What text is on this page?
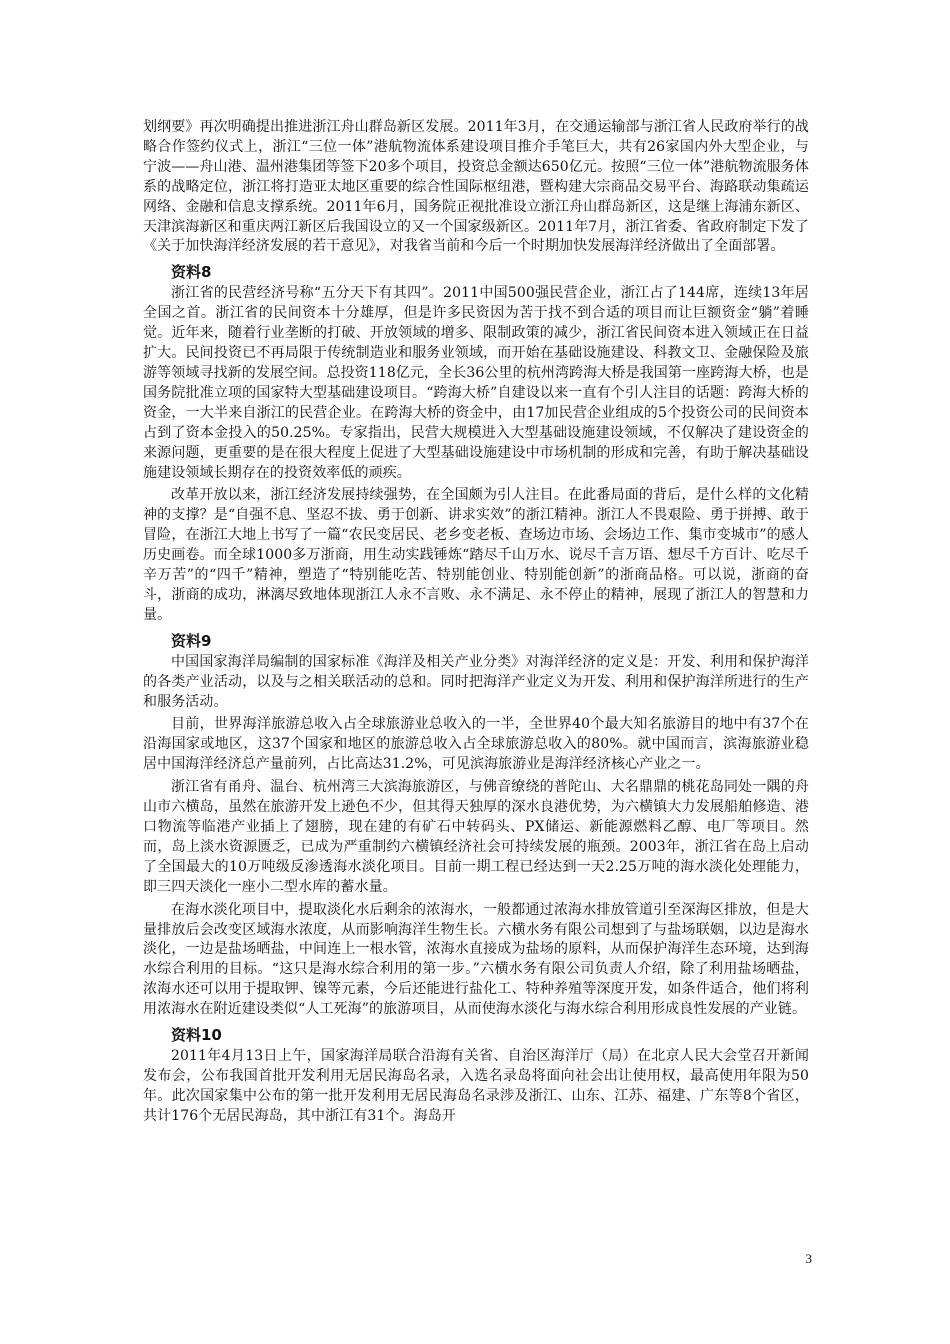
划纲要》再次明确提出推进浙江舟山群岛新区发展。2011年3月，在交通运输部与浙江省人民政府举行的战略合作签约仪式上，浙江“三位一体”港航物流体系建设项目推介手笔巨大，共有26家国内外大型企业，与宁波——舟山港、温州港集团等签下20多个项目，投资总金额达650亿元。按照“三位一体”港航物流服务体系的战略定位，浙江将打造亚太地区重要的综合性国际枢纽港，暨构建大宗商品交易平台、海路联动集疏运网络、金融和信息支撑系统。2011年6月，国务院正视批准设立浙江舟山群岛新区，这是继上海浦东新区、天津滨海新区和重庆两江新区后我国设立的又一个国家级新区。2011年7月，浙江省委、省政府制定下发了《关于加快海洋经济发展的若干意见》，对我省当前和今后一个时期加快发展海洋经济做出了全面部署。

资料8

浙江省的民营经济号称“五分天下有其四”。2011中国500强民营企业，浙江占了144席，连续13年居全国之首。浙江省的民间资本十分雄厚，但是许多民资因为苦于找不到合适的项目而让巨额资金“躺”着睡觉。近年来，随着行业垄断的打破、开放领域的增多、限制政策的减少，浙江省民间资本进入领域正在日益扩大。民间投资已不再局限于传统制造业和服务业领域，而开始在基础设施建设、科教文卫、金融保险及旅游等领域寻找新的发展空间。总投资118亿元，全长36公里的杭州湾跨海大桥是我国第一座跨海大桥，也是国务院批准立项的国家特大型基础建设项目。“跨海大桥”自建设以来一直有个引人注目的话题：跨海大桥的资金，一大半来自浙江的民营企业。在跨海大桥的资金中，由17加民营企业组成的5个投资公司的民间资本占到了资本金投入的50.25%。专家指出，民营大规模进入大型基础设施建设领域，不仅解决了建设资金的来源问题，更重要的是在很大程度上促进了大型基础设施建设中市场机制的形成和完善，有助于解决基础设施建设领域长期存在的投资效率低的顽疾。

改革开放以来，浙江经济发展持续强势，在全国颇为引人注目。在此番局面的背后，是什么样的文化精神的支撑？是“自强不息、坚忍不拔、勇于创新、讲求实效”的浙江精神。浙江人不畏艰险、勇于拼搏、敢于冒险，在浙江大地上书写了一篇“农民变居民、老乡变老板、查场边市场、会场边工作、集市变城市”的感人历史画卷。而全球1000多万浙商，用生动实践锤炼“踏尽千山万水、说尽千言万语、想尽千方百计、吃尽千辛万苦”的“四千”精神，塑造了“特别能吃苦、特别能创业、特别能创新”的浙商品格。可以说，浙商的奋斗，浙商的成功，淋漓尽致地体现浙江人永不言败、永不满足、永不停止的精神，展现了浙江人的智慧和力量。

资料9

中国国家海洋局编制的国家标准《海洋及相关产业分类》对海洋经济的定义是：开发、利用和保护海洋的各类产业活动，以及与之相关联活动的总和。同时把海洋产业定义为开发、利用和保护海洋所进行的生产和服务活动。

目前，世界海洋旅游总收入占全球旅游业总收入的一半，全世界40个最大知名旅游目的地中有37个在沿海国家或地区，这37个国家和地区的旅游总收入占全球旅游总收入的80%。就中国而言，滨海旅游业稳居中国海洋经济总产量前列，占比高达31.2%，可见滨海旅游业是海洋经济核心产业之一。

浙江省有甬舟、温台、杭州湾三大滨海旅游区，与佛音缭绕的普陀山、大名鼎鼎的桃花岛同处一隅的舟山市六横岛，虽然在旅游开发上逊色不少，但其得天独厚的深水良港优势，为六横镇大力发展船舶修造、港口物流等临港产业插上了翅膀，现在建的有矿石中转码头、PX储运、新能源燃料乙醇、电厂等项目。然而，岛上淡水资源匮乏，已成为严重制约六横镇经济社会可持续发展的瓶颈。2003年，浙江省在岛上启动了全国最大的10万吨级反渗透海水淡化项目。目前一期工程已经达到一天2.25万吨的海水淡化处理能力，即三四天淡化一座小二型水库的蓄水量。

在海水淡化项目中，提取淡化水后剩余的浓海水，一般都通过浓海水排放管道引至深海区排放，但是大量排放后会改变区域海水浓度，从而影响海洋生物生长。六横水务有限公司想到了与盐场联姻，以边是海水淡化，一边是盐场晒盐，中间连上一根水管，浓海水直接成为盐场的原料，从而保护海洋生态环境，达到海水综合利用的目标。“这只是海水综合利用的第一步。”六横水务有限公司负责人介绍，除了利用盐场晒盐，浓海水还可以用于提取钾、镍等元素，今后还能进行盐化工、特种养殖等深度开发，如条件适合，他们将利用浓海水在附近建设类似“人工死海”的旅游项目，从而使海水淡化与海水综合利用形成良性发展的产业链。

资料10

2011年4月13日上午，国家海洋局联合沿海有关省、自治区海洋厅（局）在北京人民大会堂召开新闻发布会，公布我国首批开发利用无居民海岛名录，入选名录岛将面向社会出让使用权，最高使用年限为50年。此次国家集中公布的第一批开发利用无居民海岛名录涉及浙江、山东、江苏、福建、广东等8个省区，共计176个无居民海岛，其中浙江有31个。海岛开

3
